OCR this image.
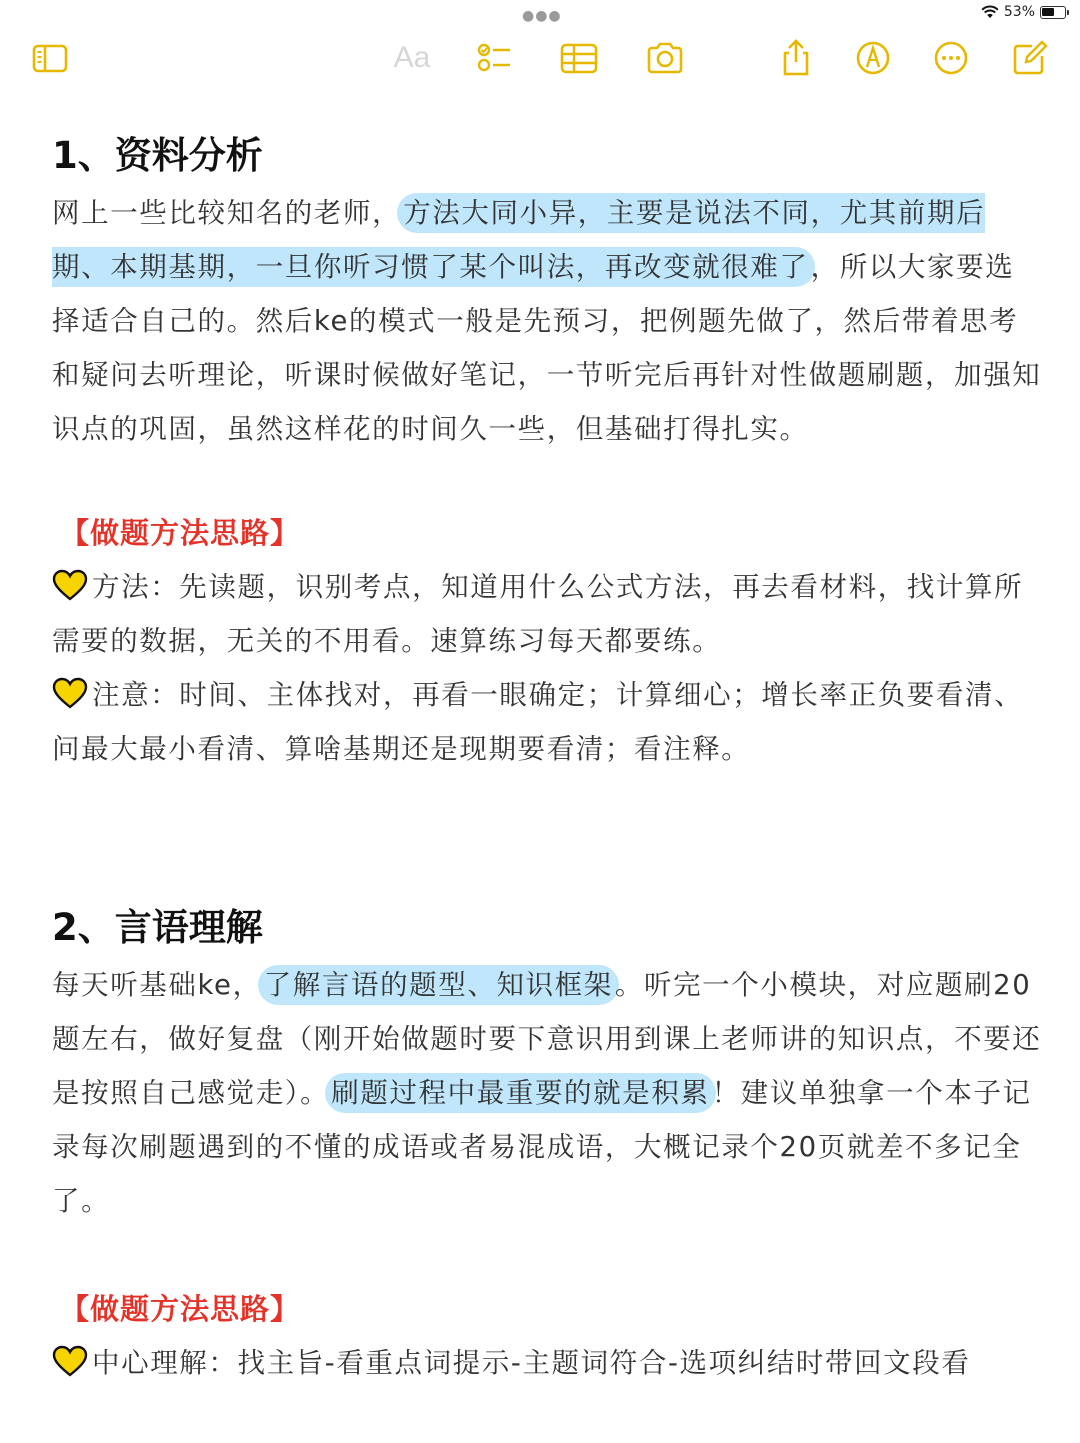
●●●	53%
Aa
1、资料分析

网上一些比较知名的老师，方法大同小异，主要是说法不同，尤其前期后期、本期基期，一旦你听习惯了某个叫法，再改变就很难了，所以大家要选择适合自己的。然后ke的模式一般是先预习，把例题先做了，然后带着思考和疑问去听理论，听课时候做好笔记，一节听完后再针对性做题刷题，加强知识点的巩固，虽然这样花的时间久一些，但基础打得扎实。

【做题方法思路】

方法：先读题，识别考点，知道用什么公式方法，再去看材料，找计算所需要的数据，无关的不用看。速算练习每天都要练。

注意：时间、主体找对，再看一眼确定；计算细心；增长率正负要看清、问最大最小看清、算啥基期还是现期要看清；看注释。

2、言语理解

每天听基础ke，了解言语的题型、知识框架。听完一个小模块，对应题刷20题左右，做好复盘（刚开始做题时要下意识用到课上老师讲的知识点，不要还是按照自己感觉走）。刷题过程中最重要的就是积累！建议单独拿一个本子记录每次刷题遇到的不懂的成语或者易混成语，大概记录个20页就差不多记全了。

【做题方法思路】

中心理解：找主旨-看重点词提示-主题词符合-选项纠结时带回文段看
